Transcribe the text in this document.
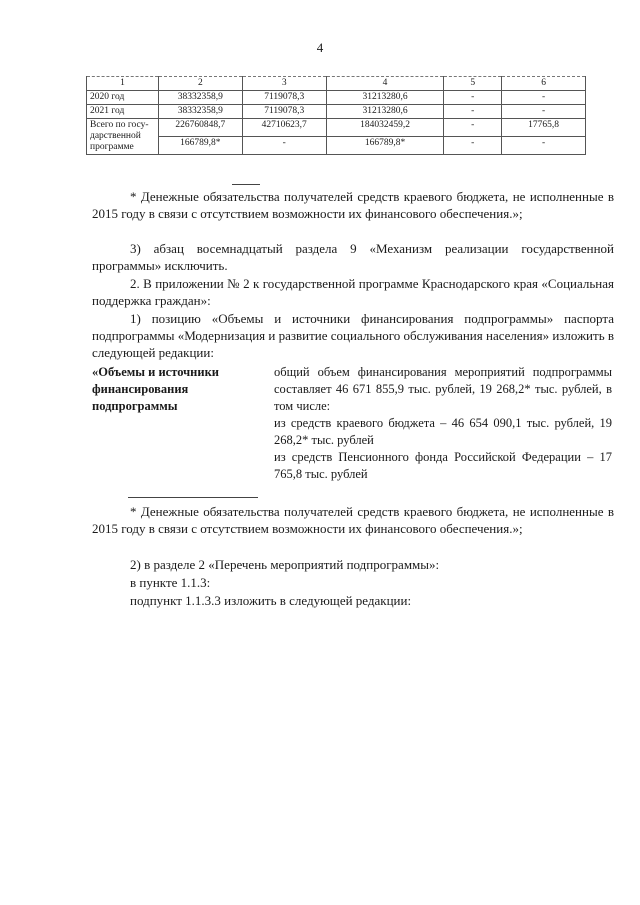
4
1	2	3	4	5	6
2020 год	38332358,9	7119078,3	31213280,6	-	-
2021 год	38332358,9	7119078,3	31213280,6	-	-
Всего по госу-дарственной программе	226760848,7	42710623,7	184032459,2	-	17765,8
	166789,8*	-	166789,8*	-	-
* Денежные обязательства получателей средств краевого бюджета, не исполненные в 2015 году в связи с отсутствием возможности их финансового обеспечения.»;
3) абзац восемнадцатый раздела 9 «Механизм реализации государственной программы» исключить.
2. В приложении № 2 к государственной программе Краснодарского края «Социальная поддержка граждан»:
1) позицию «Объемы и источники финансирования подпрограммы» паспорта подпрограммы «Модернизация и развитие социального обслуживания населения» изложить в следующей редакции:
«Объемы и источники финансирования подпрограммы

общий объем финансирования мероприятий подпрограммы составляет 46 671 855,9 тыс. рублей, 19 268,2* тыс. рублей, в том числе:

из средств краевого бюджета – 46 654 090,1 тыс. рублей, 19 268,2* тыс. рублей

из средств Пенсионного фонда Российской Федерации – 17 765,8 тыс. рублей

* Денежные обязательства получателей средств краевого бюджета, не исполненные в 2015 году в связи с отсутствием возможности их финансового обеспечения.»;
2) в разделе 2 «Перечень мероприятий подпрограммы»:
в пункте 1.1.3:
подпункт 1.1.3.3 изложить в следующей редакции:
